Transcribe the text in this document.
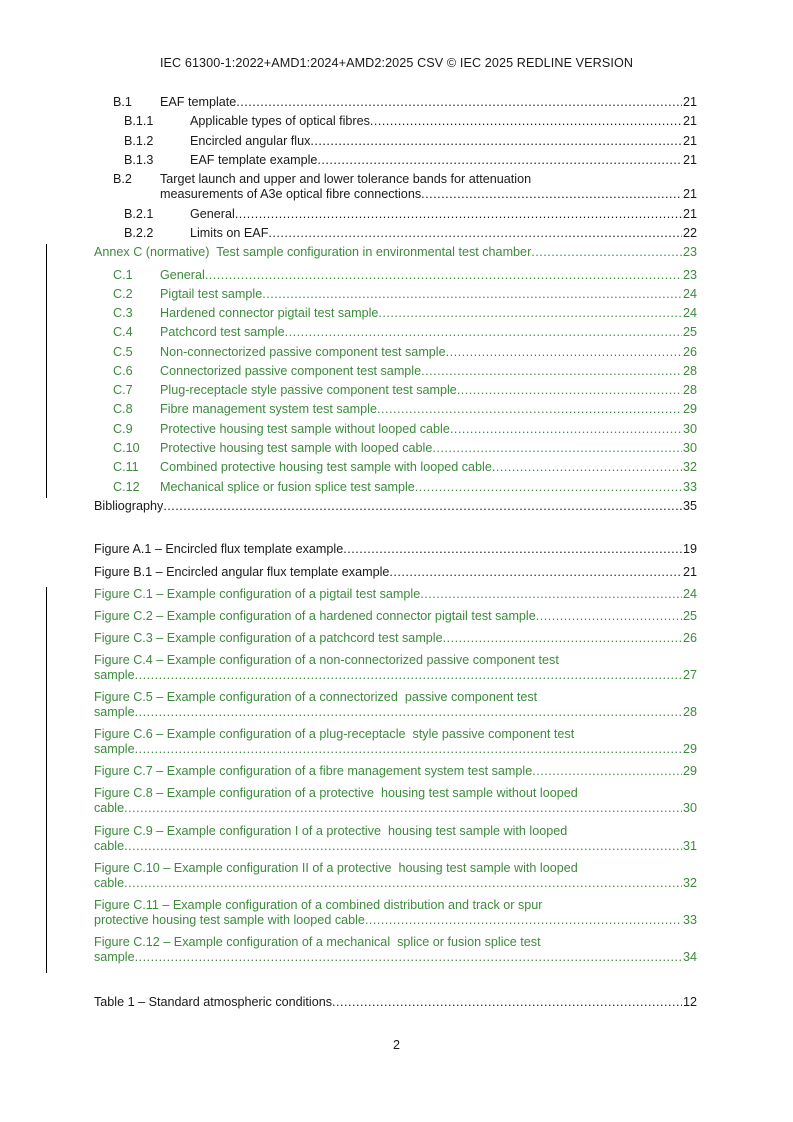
IEC 61300-1:2022+AMD1:2024+AMD2:2025 CSV © IEC 2025 REDLINE VERSION
B.1	EAF template .....	21
B.1.1	Applicable types of optical fibres .....	21
B.1.2	Encircled angular flux .....	21
B.1.3	EAF template example .....	21
B.2	Target launch and upper and lower tolerance bands for attenuation
measurements of A3e optical fibre connections .....	21
B.2.1	General .....	21
B.2.2	Limits on EAF .....	22
Annex C (normative)  Test sample configuration in environmental test chamber .....	23
C.1	General .....	23
C.2	Pigtail test sample .....	24
C.3	Hardened connector pigtail test sample .....	24
C.4	Patchcord test sample .....	25
C.5	Non-connectorized passive component test sample .....	26
C.6	Connectorized passive component test sample .....	28
C.7	Plug-receptacle style passive component test sample .....	28
C.8	Fibre management system test sample .....	29
C.9	Protective housing test sample without looped cable .....	30
C.10	Protective housing test sample with looped cable .....	30
C.11	Combined protective housing test sample with looped cable .....	32
C.12	Mechanical splice or fusion splice test sample .....	33
Bibliography .....	35
Figure A.1 – Encircled flux template example .....	19
Figure B.1 – Encircled angular flux template example .....	21
Figure C.1 – Example configuration of a pigtail test sample .....	24
Figure C.2 – Example configuration of a hardened connector pigtail test sample .....	25
Figure C.3 – Example configuration of a patchcord test sample .....	26
Figure C.4 – Example configuration of a non-connectorized passive component test
sample .....	27
Figure C.5 – Example configuration of a connectorized  passive component test
sample .....	28
Figure C.6 – Example configuration of a plug-receptacle  style passive component test
sample .....	29
Figure C.7 – Example configuration of a fibre management system test sample .....	29
Figure C.8 – Example configuration of a protective  housing test sample without looped
cable .....	30
Figure C.9 – Example configuration I of a protective  housing test sample with looped
cable .....	31
Figure C.10 – Example configuration II of a protective  housing test sample with looped
cable .....	32
Figure C.11 – Example configuration of a combined distribution and track or spur
protective housing test sample with looped cable .....	33
Figure C.12 – Example configuration of a mechanical  splice or fusion splice test
sample .....	34
Table 1 – Standard atmospheric conditions .....	12
2
